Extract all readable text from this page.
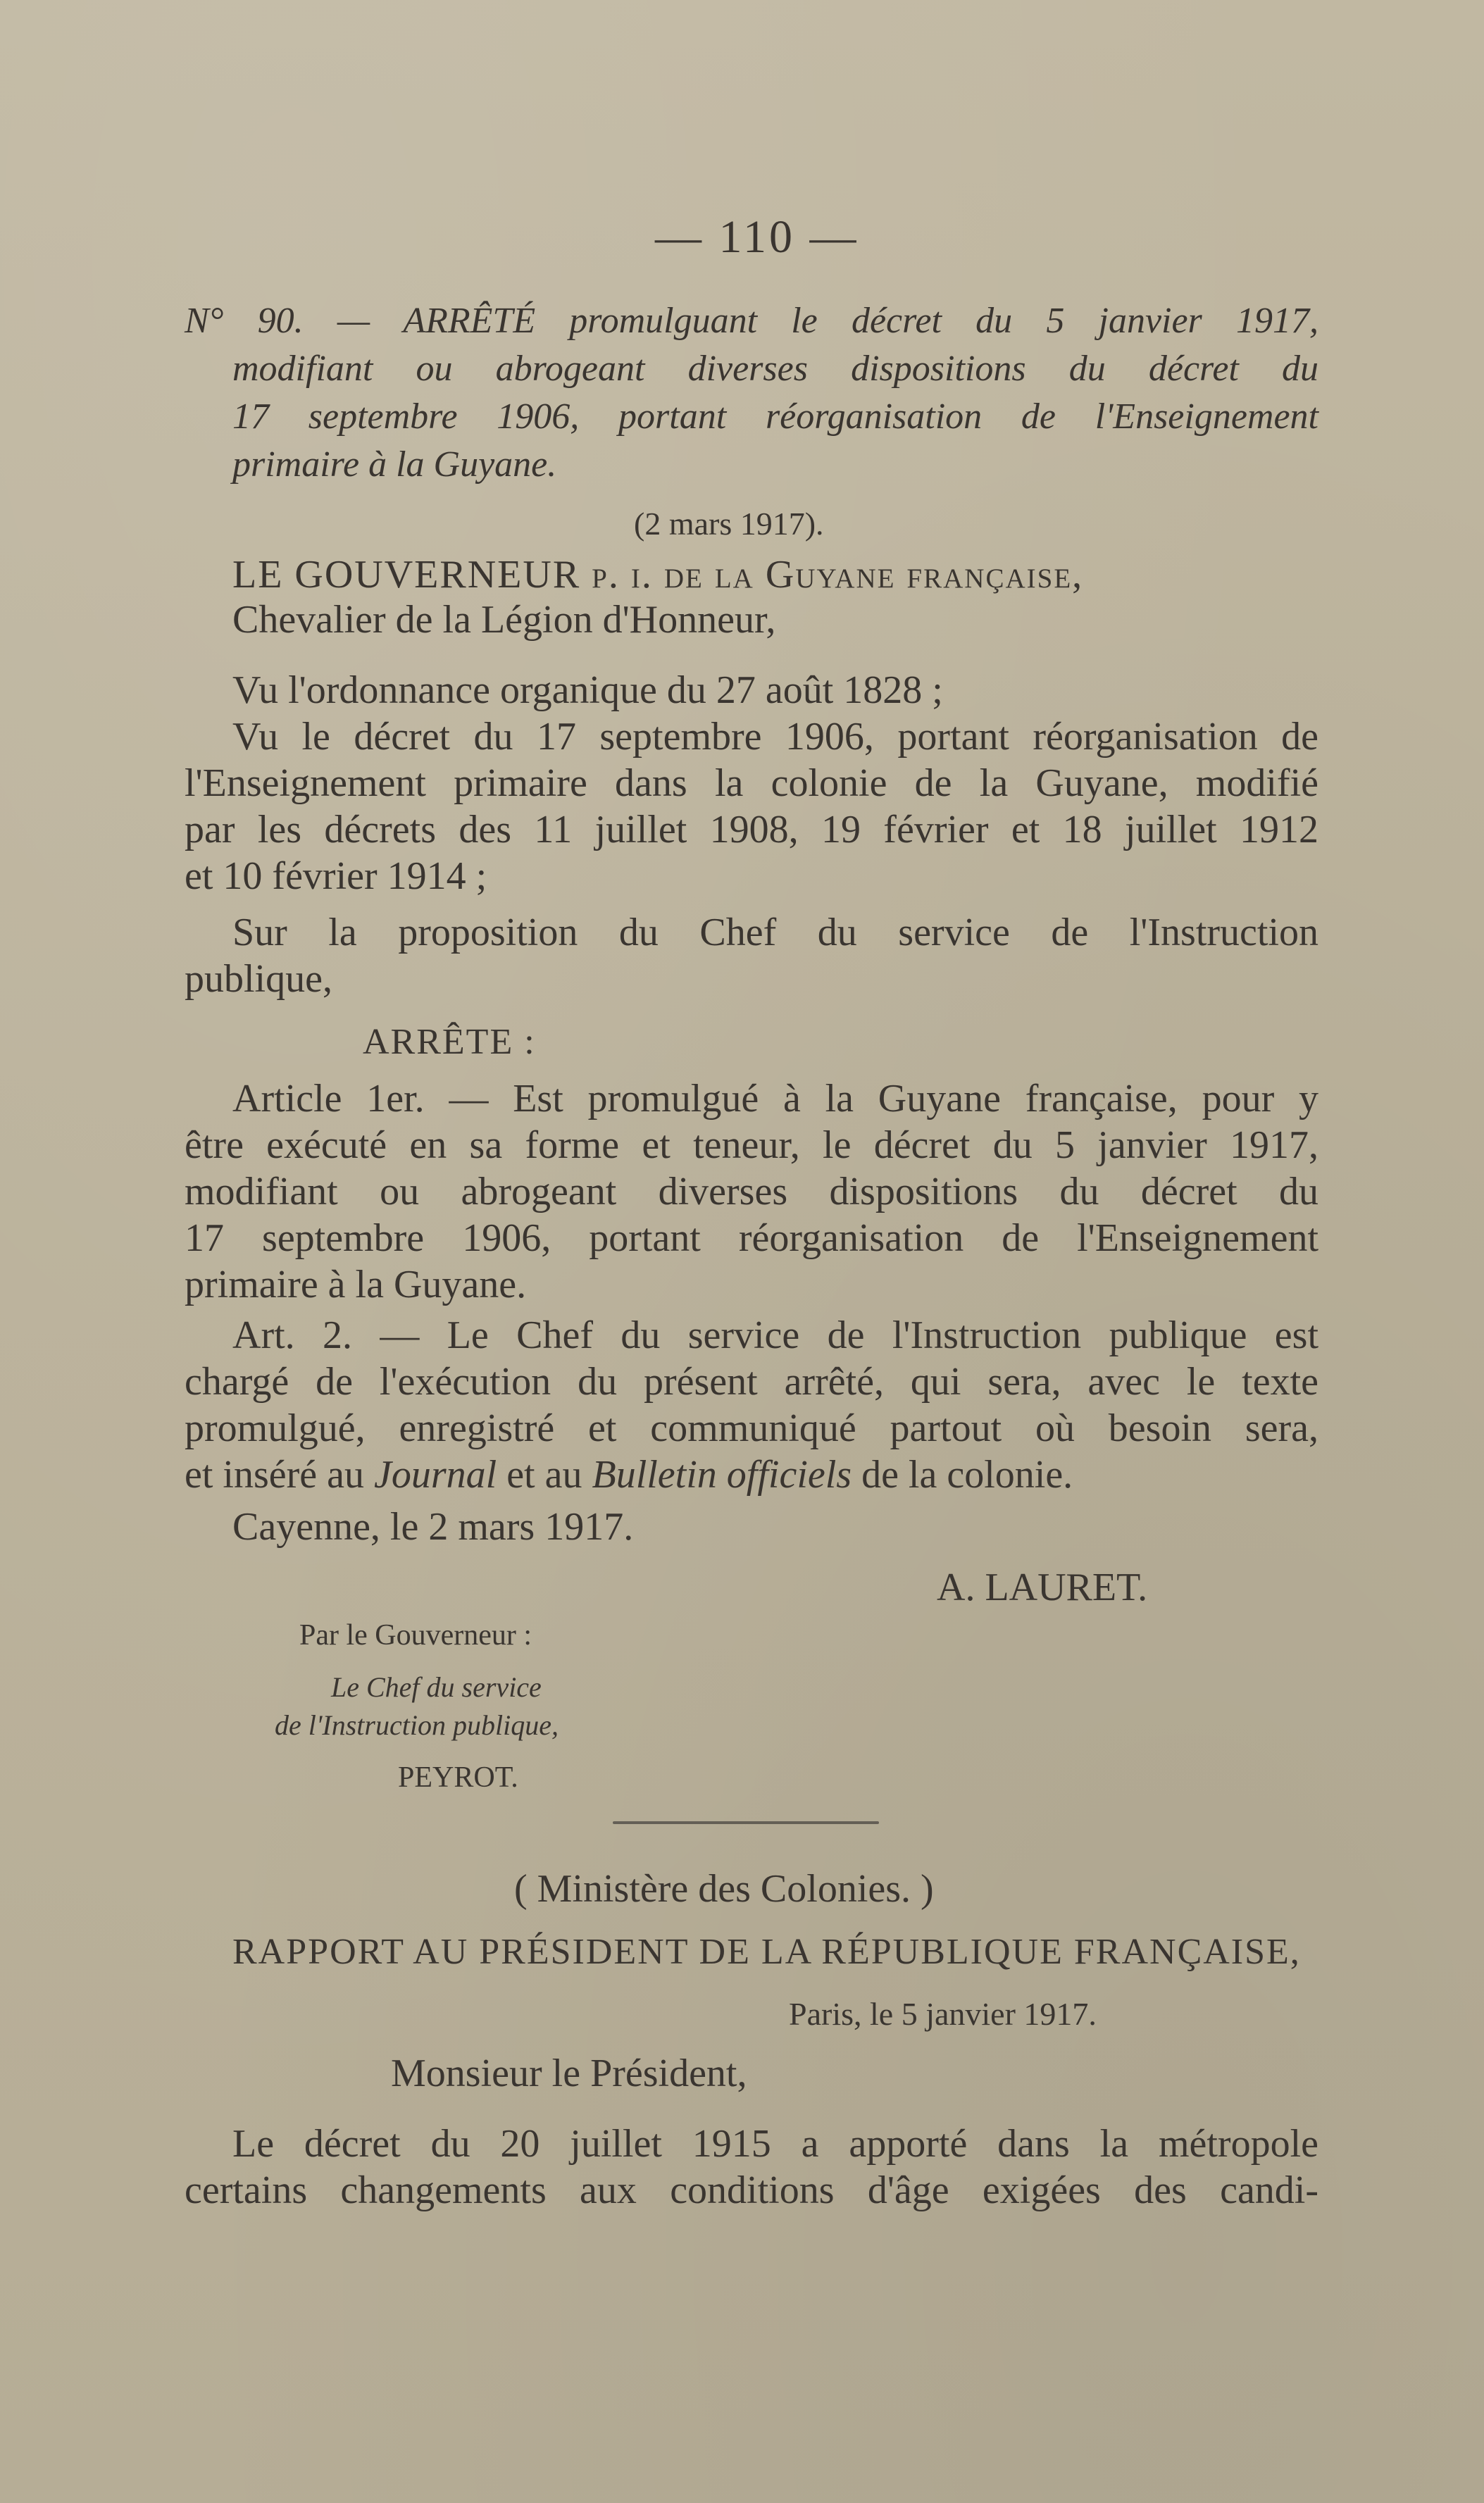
— 110 —
N° 90. — ARRÊTÉ promulguant le décret du 5 janvier 1917,
modifiant ou abrogeant diverses dispositions du décret du
17 septembre 1906, portant réorganisation de l'Enseignement
primaire à la Guyane.
(2 mars 1917).
LE GOUVERNEUR p. i. de la Guyane française,
Chevalier de la Légion d'Honneur,
Vu l'ordonnance organique du 27 août 1828 ;
Vu le décret du 17 septembre 1906, portant réorganisation de
l'Enseignement primaire dans la colonie de la Guyane, modifié
par les décrets des 11 juillet 1908, 19 février et 18 juillet 1912
et 10 février 1914 ;
Sur la proposition du Chef du service de l'Instruction
publique,
ARRÊTE :
Article 1er. — Est promulgué à la Guyane française, pour y
être exécuté en sa forme et teneur, le décret du 5 janvier 1917,
modifiant ou abrogeant diverses dispositions du décret du
17 septembre 1906, portant réorganisation de l'Enseignement
primaire à la Guyane.
Art. 2. — Le Chef du service de l'Instruction publique est
chargé de l'exécution du présent arrêté, qui sera, avec le texte
promulgué, enregistré et communiqué partout où besoin sera,
et inséré au Journal et au Bulletin officiels de la colonie.
Cayenne, le 2 mars 1917.
A. LAURET.
Par le Gouverneur :
Le Chef du service
de l'Instruction publique,
PEYROT.
( Ministère des Colonies. )
RAPPORT AU PRÉSIDENT DE LA RÉPUBLIQUE FRANÇAISE,
Paris, le 5 janvier 1917.
Monsieur le Président,
Le décret du 20 juillet 1915 a apporté dans la métropole
certains changements aux conditions d'âge exigées des candi-
